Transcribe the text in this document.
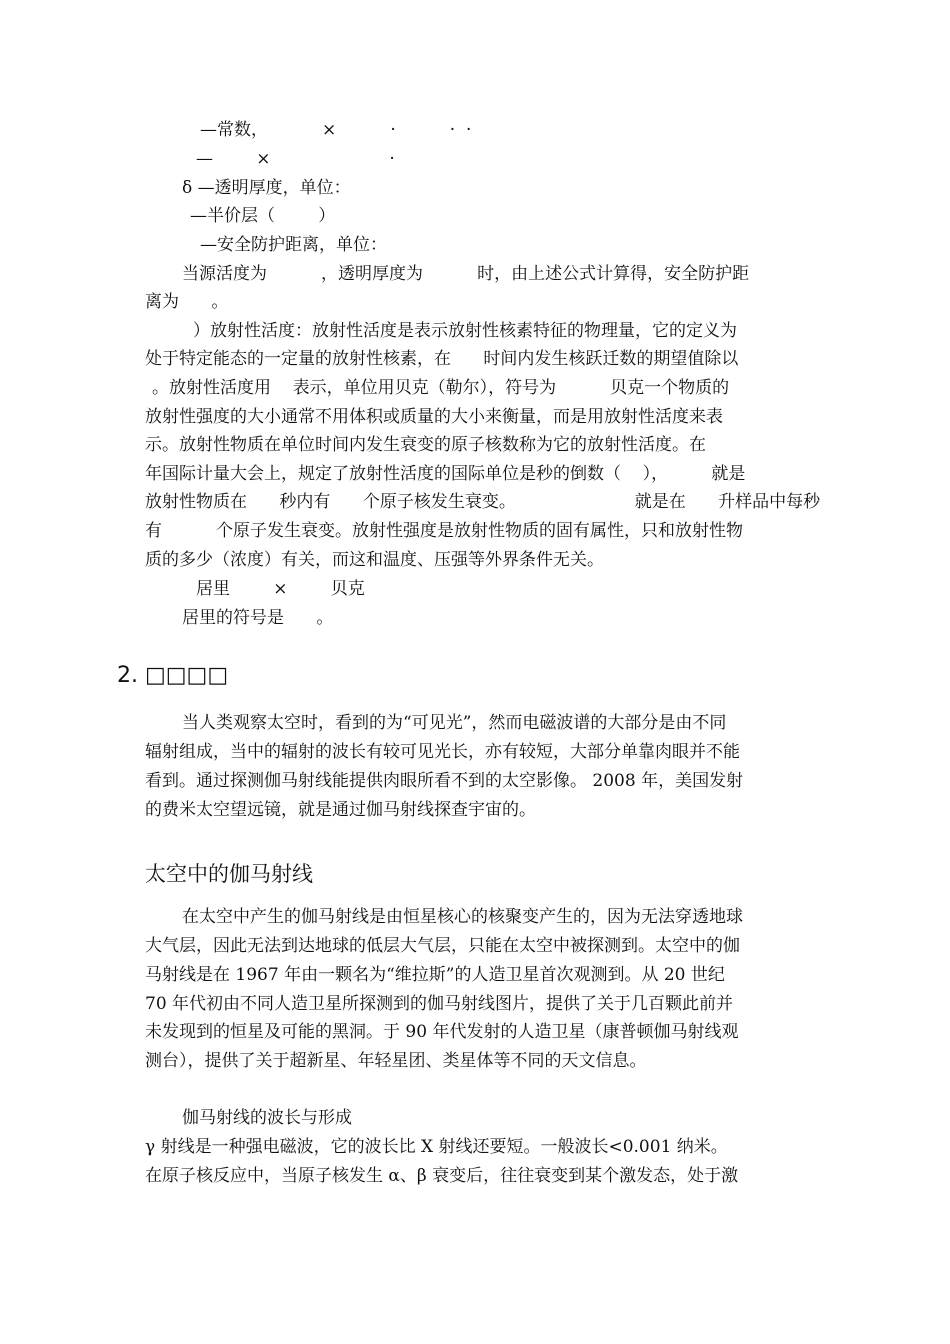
—常数，          ×          ·          ·  ·
—        ×                      ·
δ —透明厚度，单位：
—半价层（        ）
—安全防护距离，单位：
当源活度为          ，透明厚度为          时，由上述公式计算得，安全防护距
离为      。
）放射性活度：放射性活度是表示放射性核素特征的物理量，它的定义为
处于特定能态的一定量的放射性核素，在      时间内发生核跃迁数的期望值除以
。放射性活度用    表示，单位用贝克（勒尔），符号为          贝克一个物质的
放射性强度的大小通常不用体积或质量的大小来衡量，而是用放射性活度来表
示。放射性物质在单位时间内发生衰变的原子核数称为它的放射性活度。在
年国际计量大会上，规定了放射性活度的国际单位是秒的倒数（    ），        就是
放射性物质在      秒内有      个原子核发生衰变。                      就是在      升样品中每秒
有          个原子发生衰变。放射性强度是放射性物质的固有属性，只和放射性物
质的多少（浓度）有关，而这和温度、压强等外界条件无关。
居里        ×        贝克
居里的符号是      。
2. □□□□
当人类观察太空时，看到的为“可见光”，然而电磁波谱的大部分是由不同
辐射组成，当中的辐射的波长有较可见光长，亦有较短，大部分单靠肉眼并不能
看到。通过探测伽马射线能提供肉眼所看不到的太空影像。 2008 年，美国发射
的费米太空望远镜，就是通过伽马射线探查宇宙的。
太空中的伽马射线
在太空中产生的伽马射线是由恒星核心的核聚变产生的，因为无法穿透地球
大气层，因此无法到达地球的低层大气层，只能在太空中被探测到。太空中的伽
马射线是在 1967 年由一颗名为“维拉斯”的人造卫星首次观测到。从 20 世纪
70 年代初由不同人造卫星所探测到的伽马射线图片，提供了关于几百颗此前并
未发现到的恒星及可能的黑洞。于 90 年代发射的人造卫星（康普顿伽马射线观
测台），提供了关于超新星、年轻星团、类星体等不同的天文信息。
伽马射线的波长与形成
γ 射线是一种强电磁波，它的波长比 X 射线还要短。一般波长<0.001 纳米。
在原子核反应中，当原子核发生 α、β 衰变后，往往衰变到某个激发态，处于激
